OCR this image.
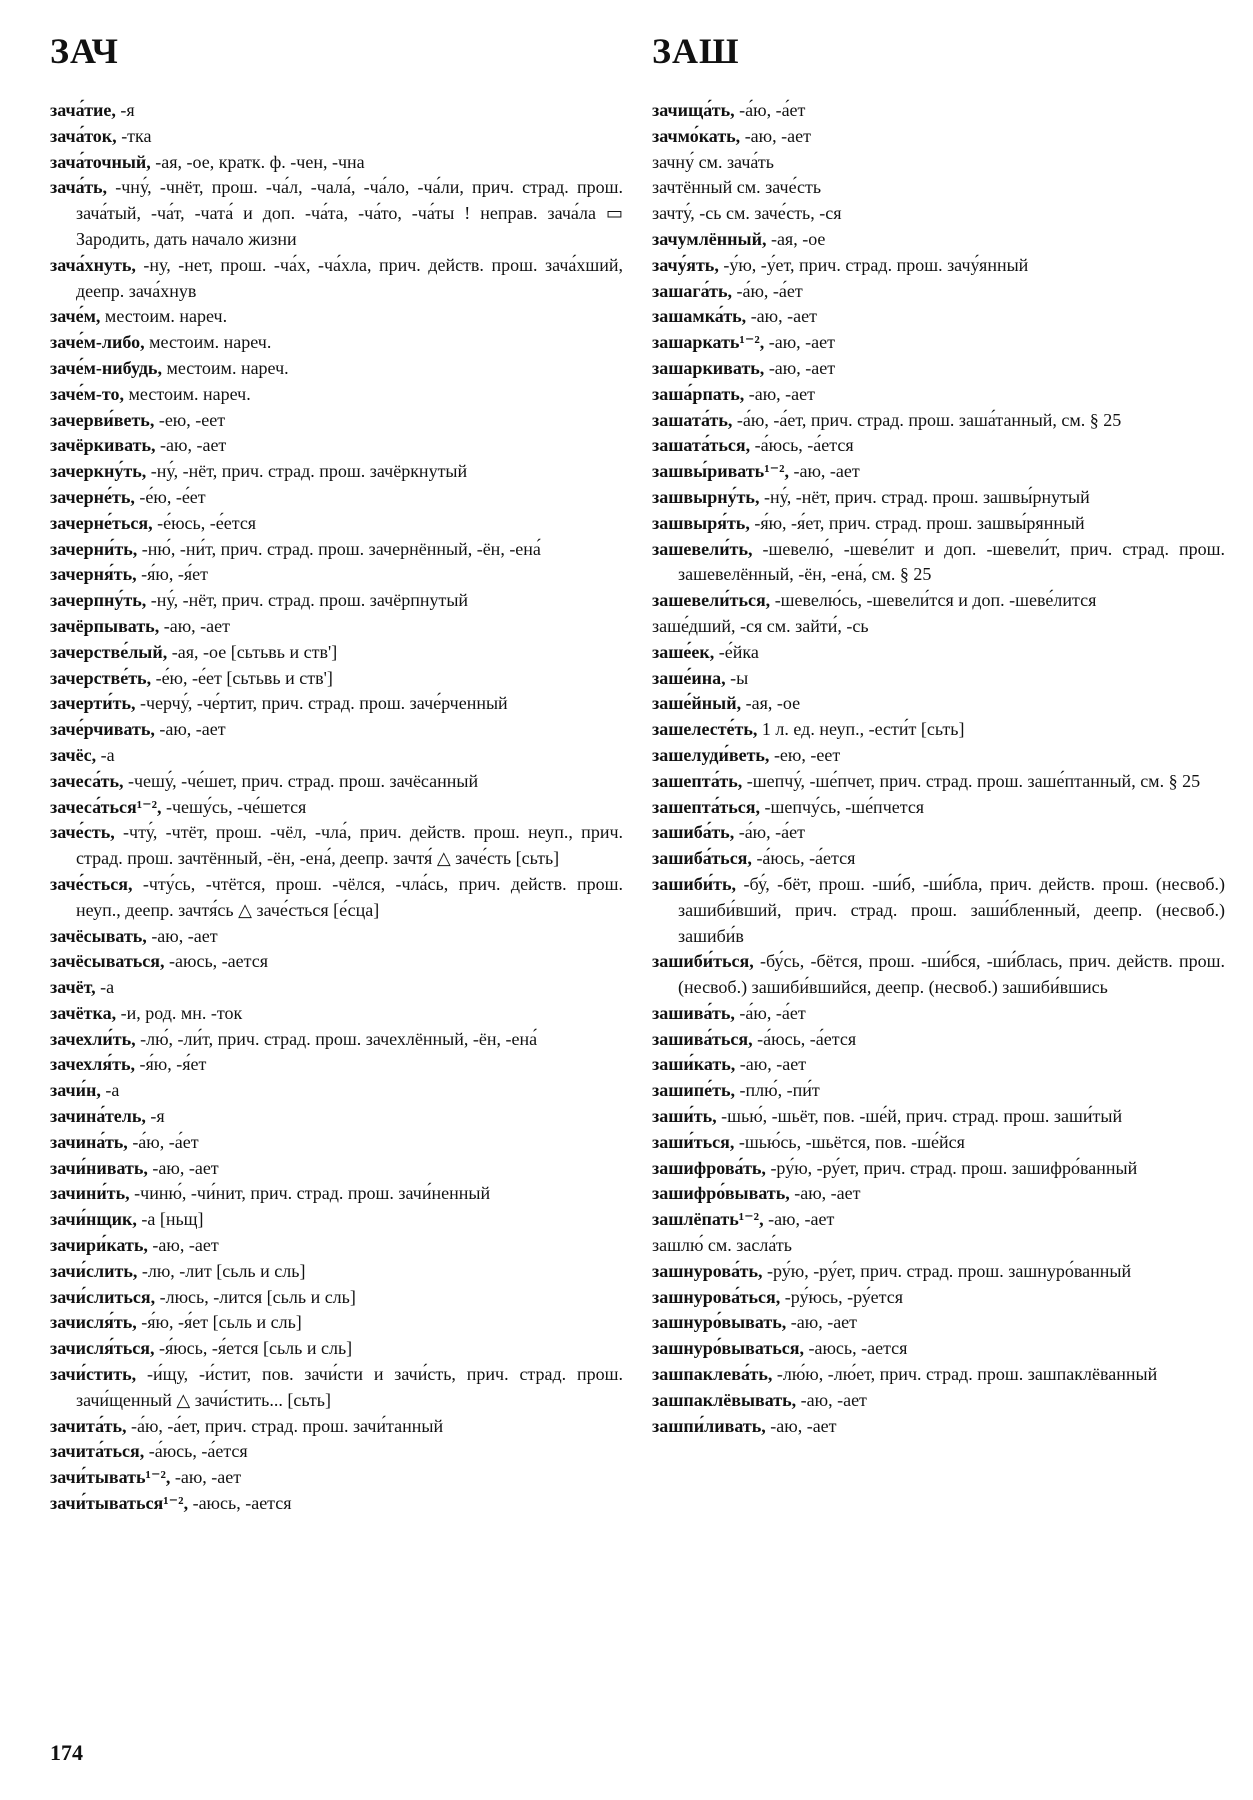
ЗАЧ	ЗАШ

зача́тие, -я

зача́ток, -тка

зача́точный, -ая, -ое, кратк. ф. -чен, -чна

зача́ть, -чну́, -чнёт, прош. -ча́л, -чала́, -ча́ло, -ча́ли, прич. страд. прош. зача́тый, -ча́т, -чата́ и доп. -ча́та, -ча́то, -ча́ты ! неправ. зача́ла ▭ Зародить, дать начало жизни

зача́хнуть, -ну, -нет, прош. -ча́х, -ча́хла, прич. действ. прош. зача́хший, деепр. зача́хнув

заче́м, местоим. нареч.

заче́м-либо, местоим. нареч.

заче́м-нибудь, местоим. нареч.

заче́м-то, местоим. нареч.

зачерви́веть, -ею, -еет

зачёркивать, -аю, -ает

зачеркну́ть, -ну́, -нёт, прич. страд. прош. зачёркнутый

зачерне́ть, -е́ю, -е́ет

зачерне́ться, -е́юсь, -е́ется

зачерни́ть, -ню́, -ни́т, прич. страд. прош. зачернённый, -ён, -ена́

зачерня́ть, -я́ю, -я́ет

зачерпну́ть, -ну́, -нёт, прич. страд. прош. зачёрпнутый

зачёрпывать, -аю, -ает

зачерстве́лый, -ая, -ое [сьтьвь и ств']

зачерстве́ть, -е́ю, -е́ет [сьтьвь и ств']

зачерти́ть, -черчу́, -че́ртит, прич. страд. прош. заче́рченный

заче́рчивать, -аю, -ает

зачёс, -а

зачеса́ть, -чешу́, -че́шет, прич. страд. прош. зачёсанный

зачеса́ться¹⁻², -чешу́сь, -че́шется

заче́сть, -чту́, -чтёт, прош. -чёл, -чла́, прич. действ. прош. неуп., прич. страд. прош. зачтённый, -ён, -ена́, деепр. зачтя́ △ заче́сть [сьть]

заче́сться, -чту́сь, -чтётся, прош. -чёлся, -чла́сь, прич. действ. прош. неуп., деепр. зачтя́сь △ заче́сться [е́сца]

зачёсывать, -аю, -ает

зачёсываться, -аюсь, -ается

зачёт, -а

зачётка, -и, род. мн. -ток

зачехли́ть, -лю́, -ли́т, прич. страд. прош. зачехлённый, -ён, -ена́

зачехля́ть, -я́ю, -я́ет

зачи́н, -а

зачина́тель, -я

зачина́ть, -а́ю, -а́ет

зачи́нивать, -аю, -ает

зачини́ть, -чиню́, -чи́нит, прич. страд. прош. зачи́ненный

зачи́нщик, -а [ньщ]

зачири́кать, -аю, -ает

зачи́слить, -лю, -лит [сьль и сль]

зачи́слиться, -люсь, -лится [сьль и сль]

зачисля́ть, -я́ю, -я́ет [сьль и сль]

зачисля́ться, -я́юсь, -я́ется [сьль и сль]

зачи́стить, -и́щу, -и́стит, пов. зачи́сти и зачи́сть, прич. страд. прош. зачи́щенный △ зачи́стить... [сьть]

зачита́ть, -а́ю, -а́ет, прич. страд. прош. зачи́танный

зачита́ться, -а́юсь, -а́ется

зачи́тывать¹⁻², -аю, -ает

зачи́тываться¹⁻², -аюсь, -ается

зачища́ть, -а́ю, -а́ет

зачмо́кать, -аю, -ает

зачну́ см. зача́ть

зачтённый см. заче́сть

зачту́, -сь см. заче́сть, -ся

зачумлённый, -ая, -ое

зачу́ять, -у́ю, -у́ет, прич. страд. прош. зачу́янный

зашага́ть, -а́ю, -а́ет

зашамка́ть, -аю, -ает

зашаркать¹⁻², -аю, -ает

зашаркивать, -аю, -ает

заша́рпать, -аю, -ает

зашата́ть, -а́ю, -а́ет, прич. страд. прош. заша́танный, см. § 25

зашата́ться, -а́юсь, -а́ется

зашвы́ривать¹⁻², -аю, -ает

зашвырну́ть, -ну́, -нёт, прич. страд. прош. зашвы́рнутый

зашвыря́ть, -я́ю, -я́ет, прич. страд. прош. зашвы́рянный

зашевели́ть, -шевелю́, -шеве́лит и доп. -шевели́т, прич. страд. прош. зашевелённый, -ён, -ена́, см. § 25

зашевели́ться, -шевелю́сь, -шевели́тся и доп. -шеве́лится

заше́дший, -ся см. зайти́, -сь

заше́ек, -е́йка

заше́ина, -ы

заше́йный, -ая, -ое

зашелесте́ть, 1 л. ед. неуп., -ести́т [сьть]

зашелуди́веть, -ею, -еет

зашепта́ть, -шепчу́, -ше́пчет, прич. страд. прош. заше́птанный, см. § 25

зашепта́ться, -шепчу́сь, -ше́пчется

зашиба́ть, -а́ю, -а́ет

зашиба́ться, -а́юсь, -а́ется

зашиби́ть, -бу́, -бёт, прош. -ши́б, -ши́бла, прич. действ. прош. (несвоб.) зашиби́вший, прич. страд. прош. заши́бленный, деепр. (несвоб.) зашиби́в

зашиби́ться, -бу́сь, -бётся, прош. -ши́бся, -ши́блась, прич. действ. прош. (несвоб.) зашиби́вшийся, деепр. (несвоб.) зашиби́вшись

зашива́ть, -а́ю, -а́ет

зашива́ться, -а́юсь, -а́ется

заши́кать, -аю, -ает

зашипе́ть, -плю́, -пи́т

заши́ть, -шью́, -шьёт, пов. -ше́й, прич. страд. прош. заши́тый

заши́ться, -шью́сь, -шьётся, пов. -ше́йся

зашифрова́ть, -ру́ю, -ру́ет, прич. страд. прош. зашифро́ванный

зашифро́вывать, -аю, -ает

зашлёпать¹⁻², -аю, -ает

зашлю́ см. засла́ть

зашнурова́ть, -ру́ю, -ру́ет, прич. страд. прош. зашнуро́ванный

зашнурова́ться, -ру́юсь, -ру́ется

зашнуро́вывать, -аю, -ает

зашнуро́вываться, -аюсь, -ается

зашпаклева́ть, -лю́ю, -лю́ет, прич. страд. прош. зашпаклёванный

зашпаклёвывать, -аю, -ает

зашпи́ливать, -аю, -ает

174
